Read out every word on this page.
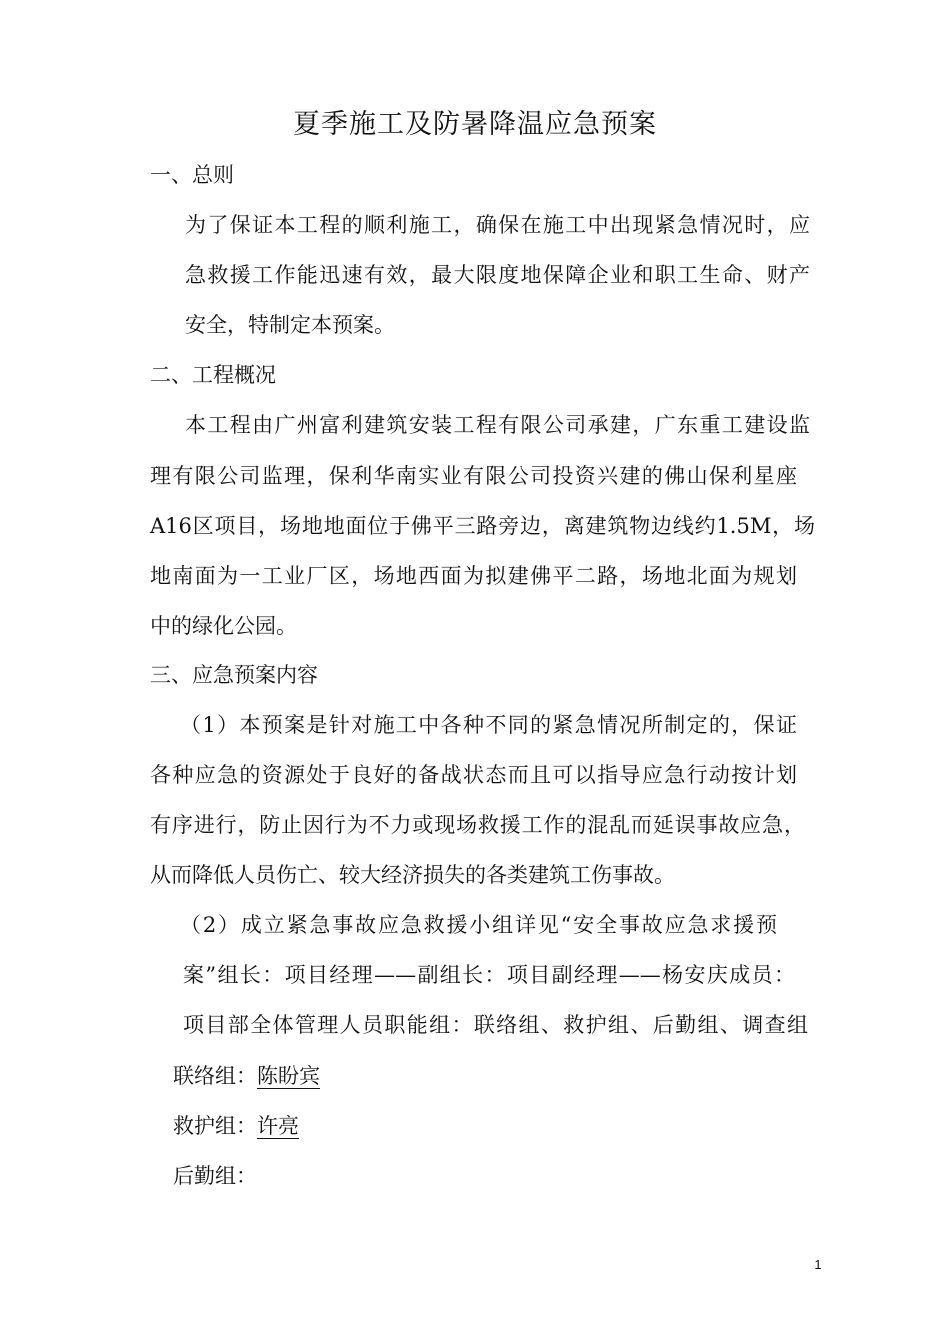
夏季施工及防暑降温应急预案
一、总则
为了保证本工程的顺利施工，确保在施工中出现紧急情况时，应
急救援工作能迅速有效，最大限度地保障企业和职工生命、财产
安全，特制定本预案。
二、工程概况
本工程由广州富利建筑安装工程有限公司承建，广东重工建设监
理有限公司监理，保利华南实业有限公司投资兴建的佛山保利星座
A16区项目，场地地面位于佛平三路旁边，离建筑物边线约1.5M，场
地南面为一工业厂区，场地西面为拟建佛平二路，场地北面为规划
中的绿化公园。
三、应急预案内容
（1）本预案是针对施工中各种不同的紧急情况所制定的，保证
各种应急的资源处于良好的备战状态而且可以指导应急行动按计划
有序进行，防止因行为不力或现场救援工作的混乱而延误事故应急，
从而降低人员伤亡、较大经济损失的各类建筑工伤事故。
（2）成立紧急事故应急救援小组详见“安全事故应急求援预
案”组长：项目经理——副组长：项目副经理——杨安庆成员：
项目部全体管理人员职能组：联络组、救护组、后勤组、调查组
联络组：陈盼宾
救护组：许亮
后勤组：
1
